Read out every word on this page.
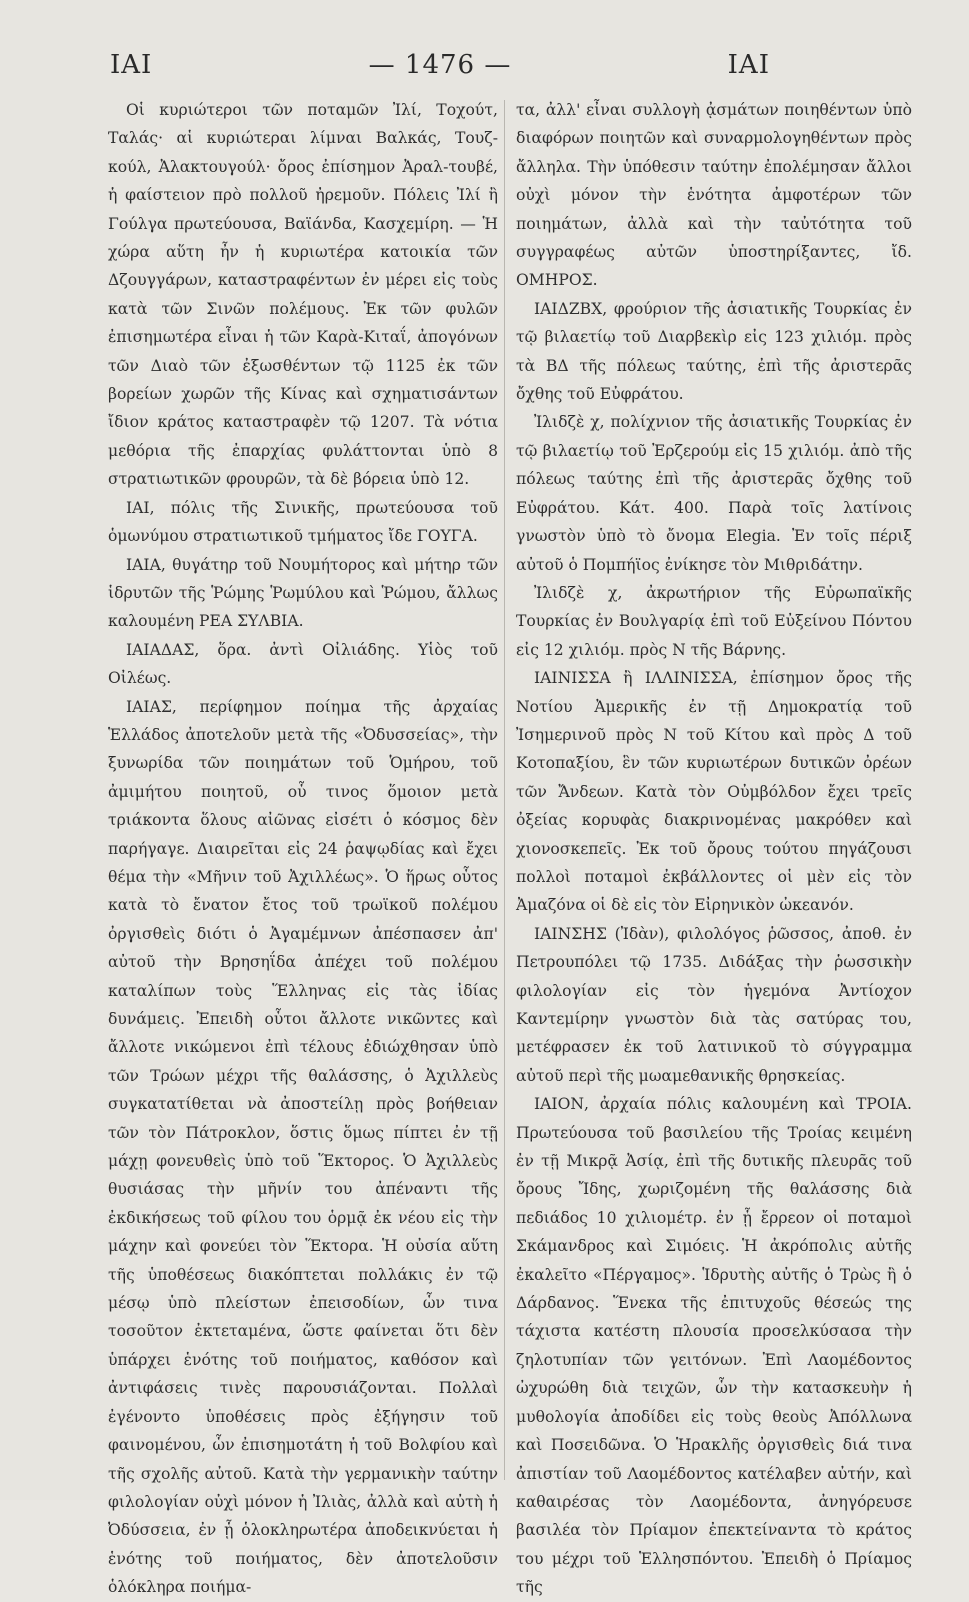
ΙΑΙ	— 1476 —	ΙΑΙ

Οἱ κυριώτεροι τῶν ποταμῶν Ἰλί, Τοχούτ, Ταλάς· αἱ κυριώτεραι λίμναι Βαλκάς, Τουζ-κούλ, Ἀλακτουγούλ· ὄρος ἐπίσημον Ἀραλ-τουβέ, ἡ φαίστειον πρὸ πολλοῦ ἠρεμοῦν. Πόλεις Ἰλί ἢ Γούλγα πρωτεύουσα, Βαϊάνδα, Κασχεμίρη. — Ἡ χώρα αὕτη ἦν ἡ κυριωτέρα κατοικία τῶν Δζουγγάρων, καταστραφέντων ἐν μέρει εἰς τοὺς κατὰ τῶν Σινῶν πολέμους. Ἐκ τῶν φυλῶν ἐπισημωτέρα εἶναι ἡ τῶν Καρὰ-Κιταΐ, ἀπογόνων τῶν Διαὸ τῶν ἐξωσθέντων τῷ 1125 ἐκ τῶν βορείων χωρῶν τῆς Κίνας καὶ σχηματισάντων ἴδιον κράτος καταστραφὲν τῷ 1207. Τὰ νότια μεθόρια τῆς ἐπαρχίας φυλάττονται ὑπὸ 8 στρατιωτικῶν φρουρῶν, τὰ δὲ βόρεια ὑπὸ 12.

ΙΑΙ, πόλις τῆς Σινικῆς, πρωτεύουσα τοῦ ὁμωνύμου στρατιωτικοῦ τμήματος ἴδε ΓΟΥΓΑ.

ΙΑΙΑ, θυγάτηρ τοῦ Νουμήτορος καὶ μήτηρ τῶν ἱδρυτῶν τῆς Ῥώμης Ῥωμύλου καὶ Ῥώμου, ἄλλως καλουμένη ΡΕΑ ΣΥΛΒΙΑ.

ΙΑΙΑΔΑΣ, ὅρα. ἀντὶ Οἰλιάδης. Υἱὸς τοῦ Οἰλέως.

ΙΑΙΑΣ, περίφημον ποίημα τῆς ἀρχαίας Ἑλλάδος ἀποτελοῦν μετὰ τῆς «Ὀδυσσείας», τὴν ξυνωρίδα τῶν ποιημάτων τοῦ Ὁμήρου, τοῦ ἀμιμήτου ποιητοῦ, οὗ τινος ὅμοιον μετὰ τριάκοντα ὅλους αἰῶνας εἰσέτι ὁ κόσμος δὲν παρήγαγε. Διαιρεῖται εἰς 24 ῥαψῳδίας καὶ ἔχει θέμα τὴν «Μῆνιν τοῦ Ἀχιλλέως». Ὁ ἥρως οὗτος κατὰ τὸ ἔνατον ἔτος τοῦ τρωϊκοῦ πολέμου ὀργισθεὶς διότι ὁ Ἀγαμέμνων ἀπέσπασεν ἀπ' αὐτοῦ τὴν Βρησηΐδα ἀπέχει τοῦ πολέμου καταλίπων τοὺς Ἕλληνας εἰς τὰς ἰδίας δυνάμεις. Ἐπειδὴ οὗτοι ἄλλοτε νικῶντες καὶ ἄλλοτε νικώμενοι ἐπὶ τέλους ἐδιώχθησαν ὑπὸ τῶν Τρώων μέχρι τῆς θαλάσσης, ὁ Ἀχιλλεὺς συγκατατίθεται νὰ ἀποστείλῃ πρὸς βοήθειαν τῶν τὸν Πάτροκλον, ὅστις ὅμως πίπτει ἐν τῇ μάχῃ φονευθεὶς ὑπὸ τοῦ Ἕκτορος. Ὁ Ἀχιλλεὺς θυσιάσας τὴν μῆνίν του ἀπέναντι τῆς ἐκδικήσεως τοῦ φίλου του ὁρμᾷ ἐκ νέου εἰς τὴν μάχην καὶ φονεύει τὸν Ἕκτορα. Ἡ οὐσία αὕτη τῆς ὑποθέσεως διακόπτεται πολλάκις ἐν τῷ μέσῳ ὑπὸ πλείστων ἐπεισοδίων, ὧν τινα τοσοῦτον ἐκτεταμένα, ὥστε φαίνεται ὅτι δὲν ὑπάρχει ἑνότης τοῦ ποιήματος, καθόσον καὶ ἀντιφάσεις τινὲς παρουσιάζονται. Πολλαὶ ἐγένοντο ὑποθέσεις πρὸς ἐξήγησιν τοῦ φαινομένου, ὧν ἐπισημοτάτη ἡ τοῦ Βολφίου καὶ τῆς σχολῆς αὐτοῦ. Κατὰ τὴν γερμανικὴν ταύτην φιλολογίαν οὐχὶ μόνον ἡ Ἰλιὰς, ἀλλὰ καὶ αὐτὴ ἡ Ὀδύσσεια, ἐν ᾗ ὁλοκληρωτέρα ἀποδεικνύεται ἡ ἑνότης τοῦ ποιήματος, δὲν ἀποτελοῦσιν ὁλόκληρα ποιήμα-

τα, ἀλλ' εἶναι συλλογὴ ᾀσμάτων ποιηθέντων ὑπὸ διαφόρων ποιητῶν καὶ συναρμολογηθέντων πρὸς ἄλληλα. Τὴν ὑπόθεσιν ταύτην ἐπολέμησαν ἄλλοι οὐχὶ μόνον τὴν ἑνότητα ἀμφοτέρων τῶν ποιημάτων, ἀλλὰ καὶ τὴν ταὐτότητα τοῦ συγγραφέως αὐτῶν ὑποστηρίξαντες, ἴδ. ΟΜΗΡΟΣ.

ΙΑΙΔΖΒΧ, φρούριον τῆς ἀσιατικῆς Τουρκίας ἐν τῷ βιλαετίῳ τοῦ Διαρβεκὶρ εἰς 123 χιλιόμ. πρὸς τὰ ΒΔ τῆς πόλεως ταύτης, ἐπὶ τῆς ἀριστερᾶς ὄχθης τοῦ Εὐφράτου.

Ἰλιδζὲ χ, πολίχνιον τῆς ἀσιατικῆς Τουρκίας ἐν τῷ βιλαετίῳ τοῦ Ἐρζερούμ εἰς 15 χιλιόμ. ἀπὸ τῆς πόλεως ταύτης ἐπὶ τῆς ἀριστερᾶς ὄχθης τοῦ Εὐφράτου. Κάτ. 400. Παρὰ τοῖς λατίνοις γνωστὸν ὑπὸ τὸ ὄνομα Elegia. Ἐν τοῖς πέριξ αὐτοῦ ὁ Πομπήϊος ἐνίκησε τὸν Μιθριδάτην.

Ἰλιδζὲ χ, ἀκρωτήριον τῆς Εὐρωπαϊκῆς Τουρκίας ἐν Βουλγαρίᾳ ἐπὶ τοῦ Εὐξείνου Πόντου εἰς 12 χιλιόμ. πρὸς Ν τῆς Βάρνης.

ΙΑΙΝΙΣΣΑ ἢ ΙΛΛΙΝΙΣΣΑ, ἐπίσημον ὄρος τῆς Νοτίου Ἀμερικῆς ἐν τῇ Δημοκρατίᾳ τοῦ Ἰσημερινοῦ πρὸς Ν τοῦ Κίτου καὶ πρὸς Δ τοῦ Κοτοπαξίου, ἓν τῶν κυριωτέρων δυτικῶν ὀρέων τῶν Ἄνδεων. Κατὰ τὸν Οὐμβόλδον ἔχει τρεῖς ὀξείας κορυφὰς διακρινομένας μακρόθεν καὶ χιονοσκεπεῖς. Ἐκ τοῦ ὄρους τούτου πηγάζουσι πολλοὶ ποταμοὶ ἐκβάλλοντες οἱ μὲν εἰς τὸν Ἀμαζόνα οἱ δὲ εἰς τὸν Εἰρηνικὸν ὠκεανόν.

ΙΑΙΝΣΗΣ (Ἰδὰν), φιλολόγος ῥῶσσος, ἀποθ. ἐν Πετρουπόλει τῷ 1735. Διδάξας τὴν ῥωσσικὴν φιλολογίαν εἰς τὸν ἡγεμόνα Ἀντίοχον Καντεμίρην γνωστὸν διὰ τὰς σατύρας του, μετέφρασεν ἐκ τοῦ λατινικοῦ τὸ σύγγραμμα αὐτοῦ περὶ τῆς μωαμεθανικῆς θρησκείας.

ΙΑΙΟΝ, ἀρχαία πόλις καλουμένη καὶ ΤΡΟΙΑ. Πρωτεύουσα τοῦ βασιλείου τῆς Τροίας κειμένη ἐν τῇ Μικρᾷ Ἀσίᾳ, ἐπὶ τῆς δυτικῆς πλευρᾶς τοῦ ὄρους Ἴδης, χωριζομένη τῆς θαλάσσης διὰ πεδιάδος 10 χιλιομέτρ. ἐν ᾗ ἔρρεον οἱ ποταμοὶ Σκάμανδρος καὶ Σιμόεις. Ἡ ἀκρόπολις αὐτῆς ἐκαλεῖτο «Πέργαμος». Ἱδρυτὴς αὐτῆς ὁ Τρὼς ἢ ὁ Δάρδανος. Ἕνεκα τῆς ἐπιτυχοῦς θέσεώς της τάχιστα κατέστη πλουσία προσελκύσασα τὴν ζηλοτυπίαν τῶν γειτόνων. Ἐπὶ Λαομέδοντος ὠχυρώθη διὰ τειχῶν, ὧν τὴν κατασκευὴν ἡ μυθολογία ἀποδίδει εἰς τοὺς θεοὺς Ἀπόλλωνα καὶ Ποσειδῶνα. Ὁ Ἡρακλῆς ὀργισθεὶς διά τινα ἀπιστίαν τοῦ Λαομέδοντος κατέλαβεν αὐτήν, καὶ καθαιρέσας τὸν Λαομέδοντα, ἀνηγόρευσε βασιλέα τὸν Πρίαμον ἐπεκτείναντα τὸ κράτος του μέχρι τοῦ Ἑλλησπόντου. Ἐπειδὴ ὁ Πρίαμος τῆς
